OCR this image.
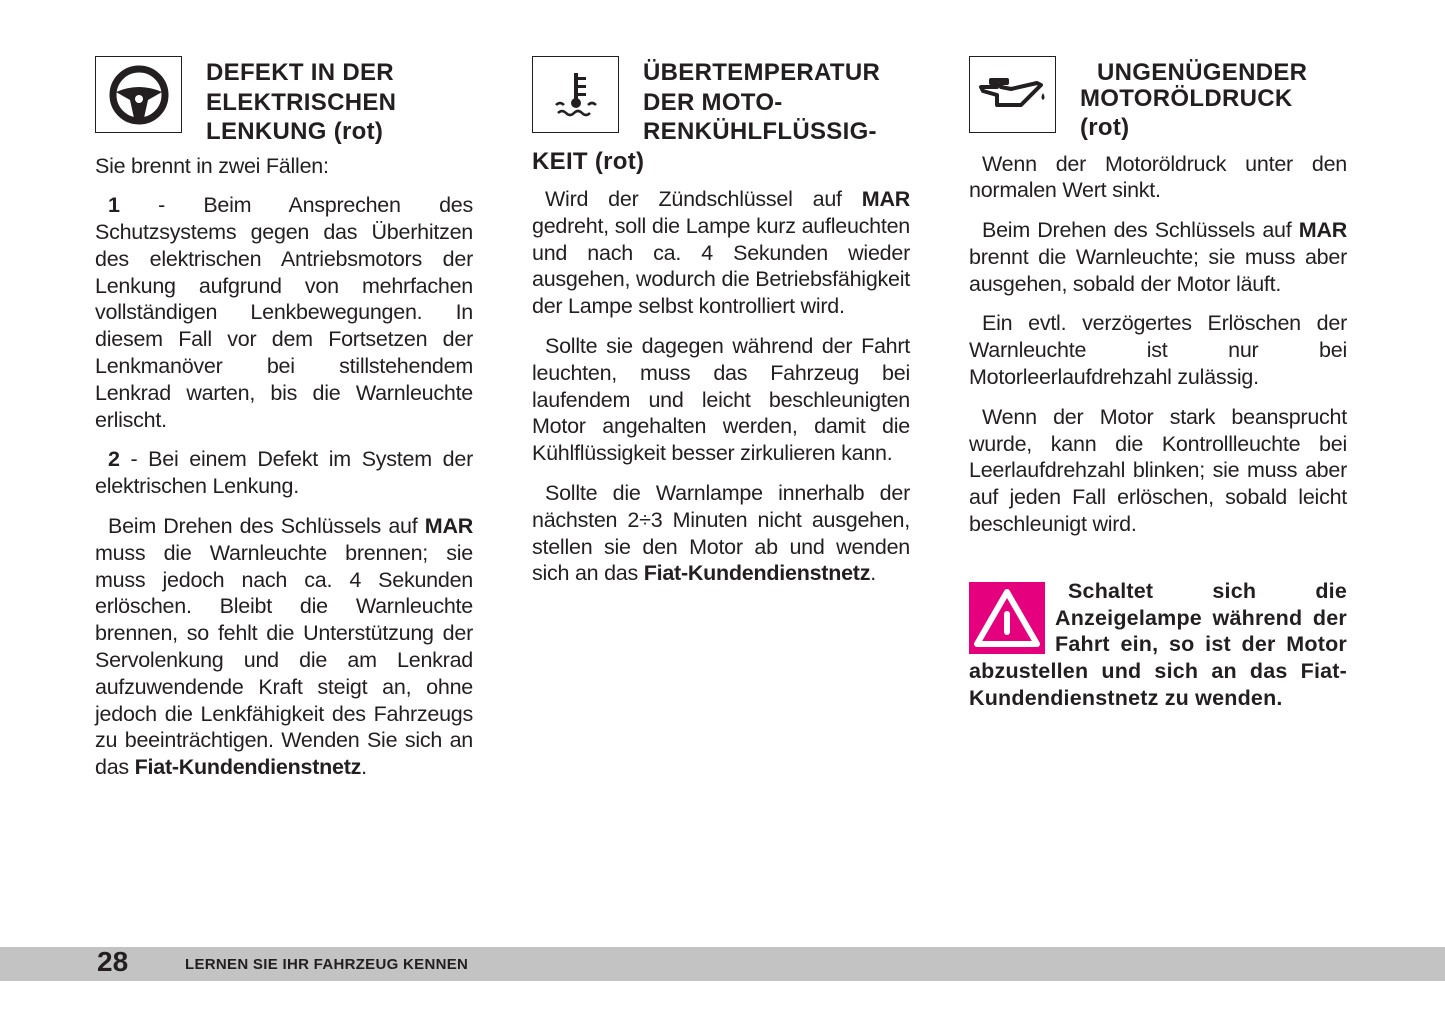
DEFEKT IN DER
ELEKTRISCHEN
LENKUNG (rot)

Sie brennt in zwei Fällen:

1 - Beim Ansprechen des Schutzsystems gegen das Überhitzen des elektrischen Antriebsmotors der Lenkung aufgrund von mehrfachen vollständigen Lenkbewegungen. In diesem Fall vor dem Fortsetzen der Lenkmanöver bei stillstehendem Lenkrad warten, bis die Warnleuchte erlischt.

2 - Bei einem Defekt im System der elektrischen Lenkung.

Beim Drehen des Schlüssels auf MAR muss die Warnleuchte brennen; sie muss jedoch nach ca. 4 Sekunden erlöschen. Bleibt die Warnleuchte brennen, so fehlt die Unterstützung der Servolenkung und die am Lenkrad aufzuwendende Kraft steigt an, ohne jedoch die Lenkfähigkeit des Fahrzeugs zu beeinträchtigen. Wenden Sie sich an das Fiat-Kundendienstnetz.

ÜBERTEMPERATUR
DER MOTO-
RENKÜHLFLÜSSIG-
KEIT (rot)

Wird der Zündschlüssel auf MAR gedreht, soll die Lampe kurz aufleuchten und nach ca. 4 Sekunden wieder ausgehen, wodurch die Betriebsfähigkeit der Lampe selbst kontrolliert wird.

Sollte sie dagegen während der Fahrt leuchten, muss das Fahrzeug bei laufendem und leicht beschleunigten Motor angehalten werden, damit die Kühlflüssigkeit besser zirkulieren kann.

Sollte die Warnlampe innerhalb der nächsten 2÷3 Minuten nicht ausgehen, stellen sie den Motor ab und wenden sich an das Fiat-Kundendienstnetz.

UNGENÜGENDER
MOTORÖLDRUCK
(rot)

Wenn der Motoröldruck unter den normalen Wert sinkt.

Beim Drehen des Schlüssels auf MAR brennt die Warnleuchte; sie muss aber ausgehen, sobald der Motor läuft.

Ein evtl. verzögertes Erlöschen der Warnleuchte ist nur bei Motorleerlaufdrehzahl zulässig.

Wenn der Motor stark beansprucht wurde, kann die Kontrollleuchte bei Leerlaufdrehzahl blinken; sie muss aber auf jeden Fall erlöschen, sobald leicht beschleunigt wird.

Schaltet sich die Anzeigelampe während der Fahrt ein, so ist der Motor abzustellen und sich an das Fiat-Kundendienstnetz zu wenden.

28	LERNEN SIE IHR FAHRZEUG KENNEN
